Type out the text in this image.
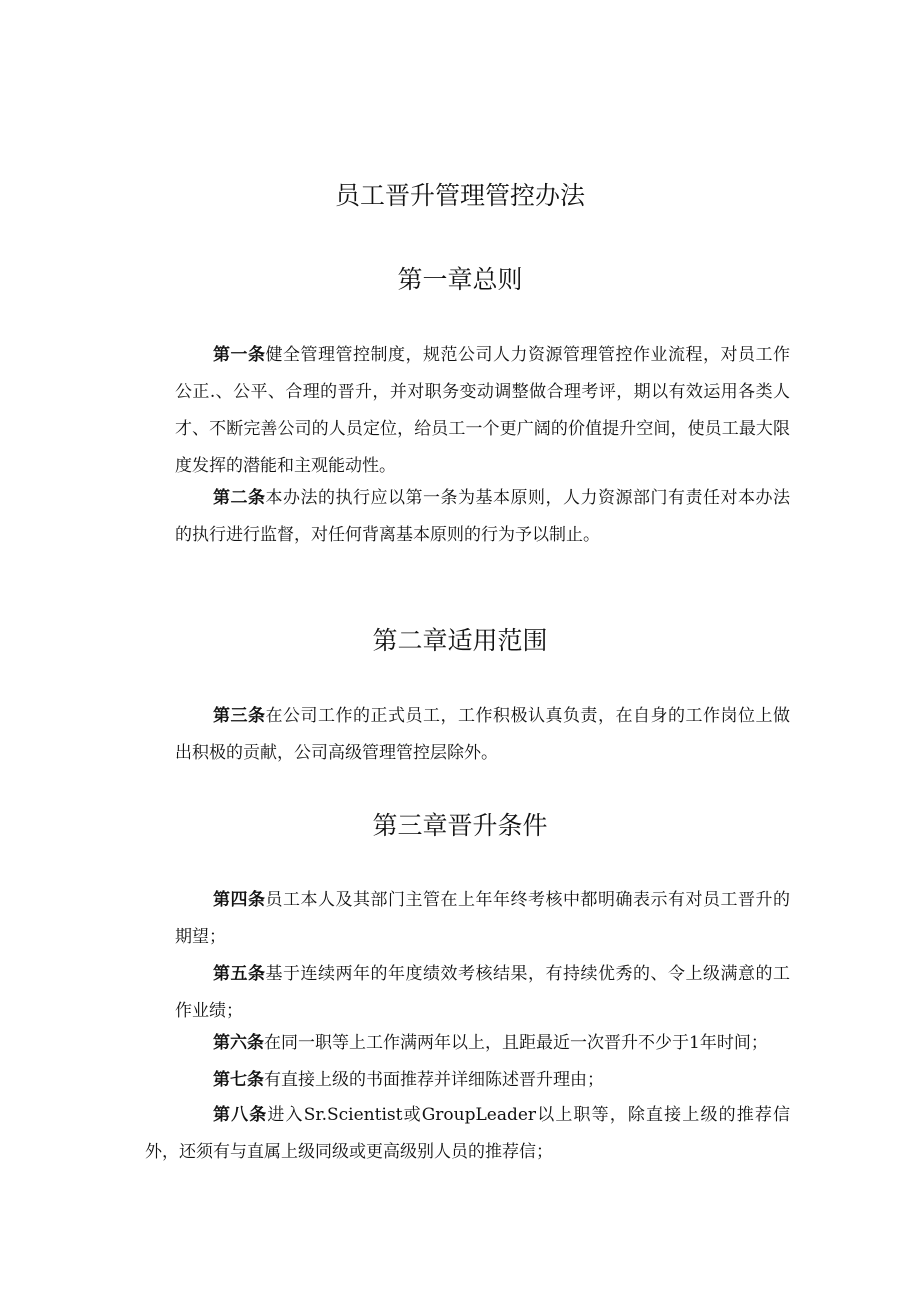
员工晋升管理管控办法
第一章总则

第一条健全管理管控制度，规范公司人力资源管理管控作业流程，对员工作公正.、公平、合理的晋升，并对职务变动调整做合理考评，期以有效运用各类人才、不断完善公司的人员定位，给员工一个更广阔的价值提升空间，使员工最大限度发挥的潜能和主观能动性。

第二条本办法的执行应以第一条为基本原则，人力资源部门有责任对本办法的执行进行监督，对任何背离基本原则的行为予以制止。

第二章适用范围

第三条在公司工作的正式员工，工作积极认真负责，在自身的工作岗位上做出积极的贡献，公司高级管理管控层除外。

第三章晋升条件

第四条员工本人及其部门主管在上年年终考核中都明确表示有对员工晋升的期望；

第五条基于连续两年的年度绩效考核结果，有持续优秀的、令上级满意的工作业绩；

第六条在同一职等上工作满两年以上，且距最近一次晋升不少于1年时间；

第七条有直接上级的书面推荐并详细陈述晋升理由；

第八条进入Sr.Scientist或GroupLeader以上职等，除直接上级的推荐信外，还须有与直属上级同级或更高级别人员的推荐信；
